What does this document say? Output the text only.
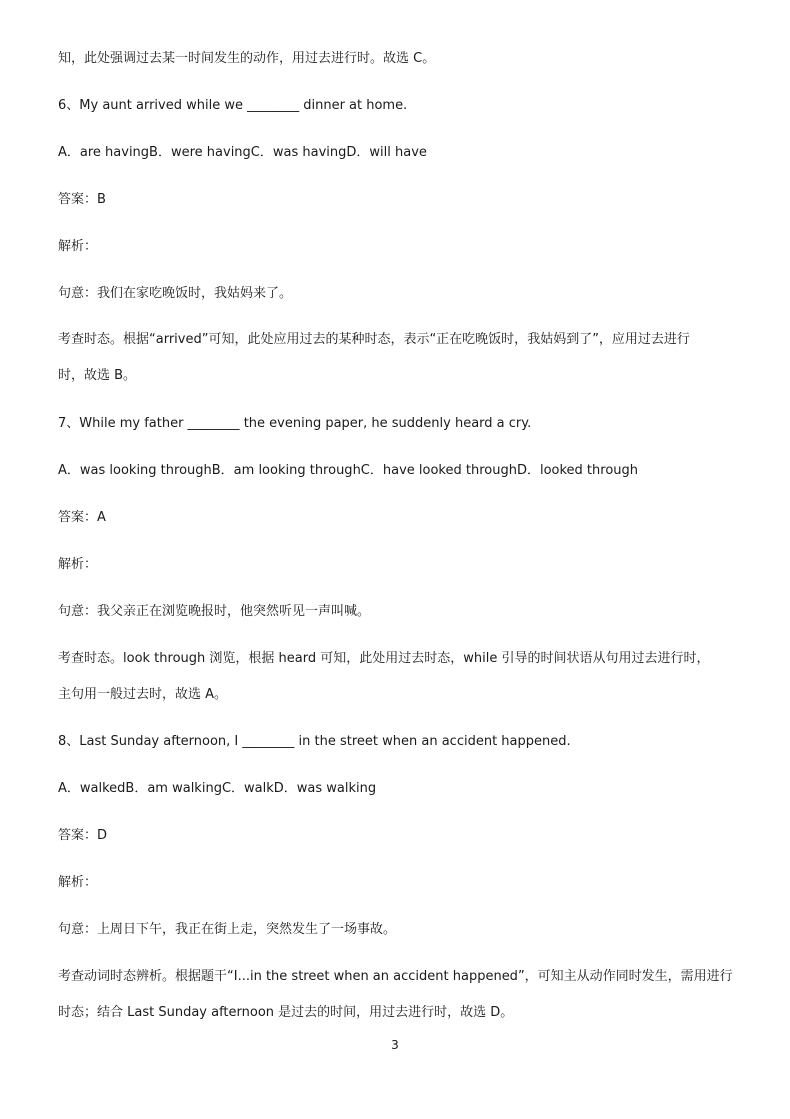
知，此处强调过去某一时间发生的动作，用过去进行时。故选 C。
6、My aunt arrived while we ________ dinner at home.
A．are havingB．were havingC．was havingD．will have
答案：B
解析：
句意：我们在家吃晚饭时，我姑妈来了。
考查时态。根据“arrived”可知，此处应用过去的某种时态，表示“正在吃晚饭时，我姑妈到了”，应用过去进行
时，故选 B。
7、While my father ________ the evening paper, he suddenly heard a cry.
A．was looking throughB．am looking throughC．have looked throughD．looked through
答案：A
解析：
句意：我父亲正在浏览晚报时，他突然听见一声叫喊。
考查时态。look through 浏览，根据 heard 可知，此处用过去时态，while 引导的时间状语从句用过去进行时，
主句用一般过去时，故选 A。
8、Last Sunday afternoon, I ________ in the street when an accident happened.
A．walkedB．am walkingC．walkD．was walking
答案：D
解析：
句意：上周日下午，我正在街上走，突然发生了一场事故。
考查动词时态辨析。根据题干“I...in the street when an accident happened”，可知主从动作同时发生，需用进行
时态；结合 Last Sunday afternoon 是过去的时间，用过去进行时，故选 D。
3
